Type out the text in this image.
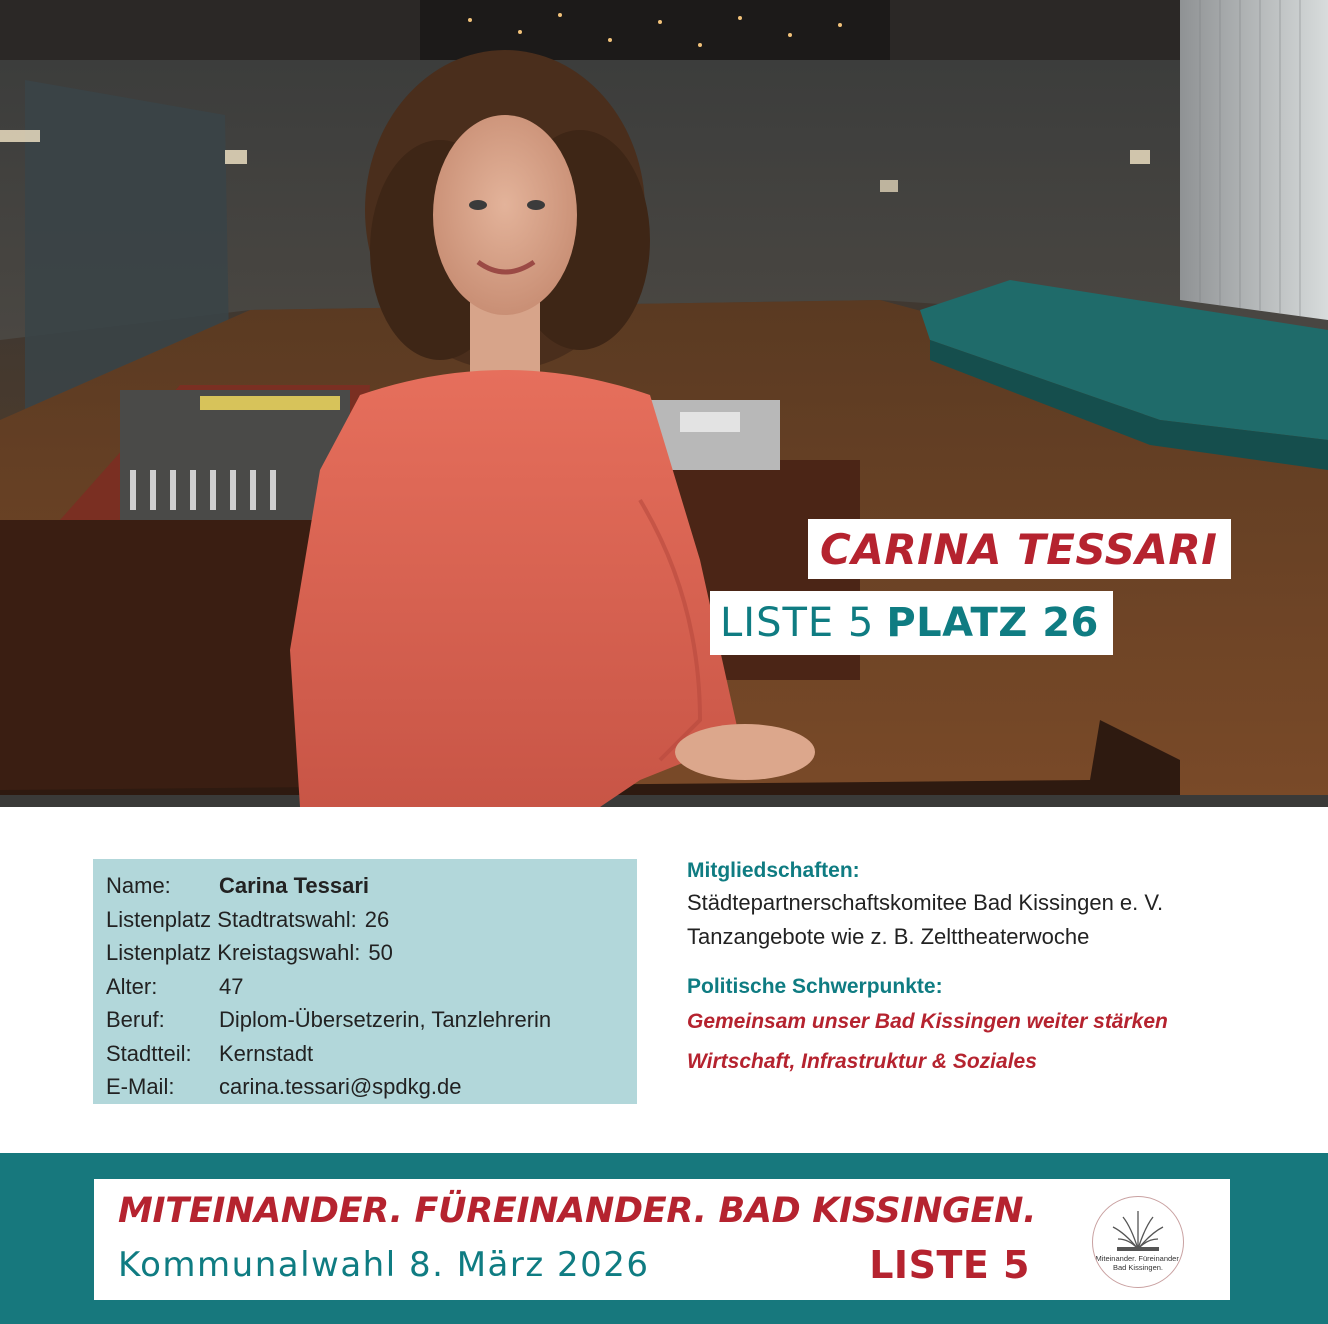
CARINA TESSARI
LISTE 5 PLATZ 26
Name:	Carina Tessari
Listenplatz Stadtratswahl: 26
Listenplatz Kreistagswahl: 50
Alter:	47
Beruf:	Diplom-Übersetzerin, Tanzlehrerin
Stadtteil:	Kernstadt
E-Mail:	carina.tessari@spdkg.de
Mitgliedschaften:
Städtepartnerschaftskomitee Bad Kissingen e. V.
Tanzangebote wie z. B. Zelttheaterwoche
Politische Schwerpunkte:
Gemeinsam unser Bad Kissingen weiter stärken
Wirtschaft, Infrastruktur & Soziales
MITEINANDER. FÜREINANDER. BAD KISSINGEN.
Kommunalwahl 8. März 2026	LISTE 5	Miteinander. Füreinander. Bad Kissingen.
♥
